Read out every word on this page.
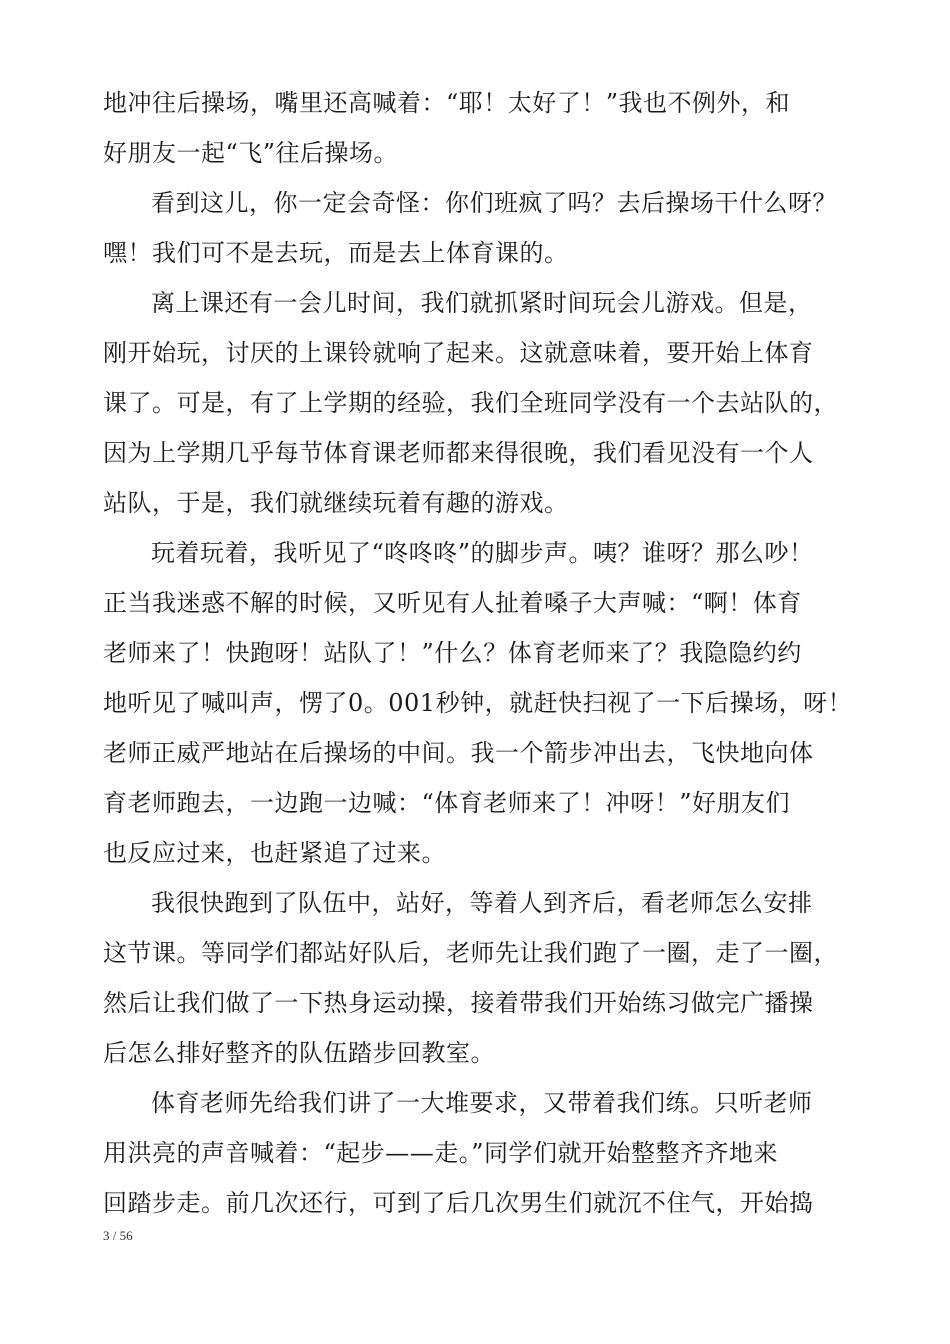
地冲往后操场，嘴里还高喊着：“耶！太好了！”我也不例外，和
好朋友一起“飞”往后操场。
看到这儿，你一定会奇怪：你们班疯了吗？去后操场干什么呀？
嘿！我们可不是去玩，而是去上体育课的。
离上课还有一会儿时间，我们就抓紧时间玩会儿游戏。但是，
刚开始玩，讨厌的上课铃就响了起来。这就意味着，要开始上体育
课了。可是，有了上学期的经验，我们全班同学没有一个去站队的，
因为上学期几乎每节体育课老师都来得很晚，我们看见没有一个人
站队，于是，我们就继续玩着有趣的游戏。
玩着玩着，我听见了“咚咚咚”的脚步声。咦？谁呀？那么吵！
正当我迷惑不解的时候，又听见有人扯着嗓子大声喊：“啊！体育
老师来了！快跑呀！站队了！”什么？体育老师来了？我隐隐约约
地听见了喊叫声，愣了0。001秒钟，就赶快扫视了一下后操场，呀！
老师正威严地站在后操场的中间。我一个箭步冲出去，飞快地向体
育老师跑去，一边跑一边喊：“体育老师来了！冲呀！”好朋友们
也反应过来，也赶紧追了过来。
我很快跑到了队伍中，站好，等着人到齐后，看老师怎么安排
这节课。等同学们都站好队后，老师先让我们跑了一圈，走了一圈，
然后让我们做了一下热身运动操，接着带我们开始练习做完广播操
后怎么排好整齐的队伍踏步回教室。
体育老师先给我们讲了一大堆要求，又带着我们练。只听老师
用洪亮的声音喊着：“起步——走。”同学们就开始整整齐齐地来
回踏步走。前几次还行，可到了后几次男生们就沉不住气，开始捣
3 / 56
